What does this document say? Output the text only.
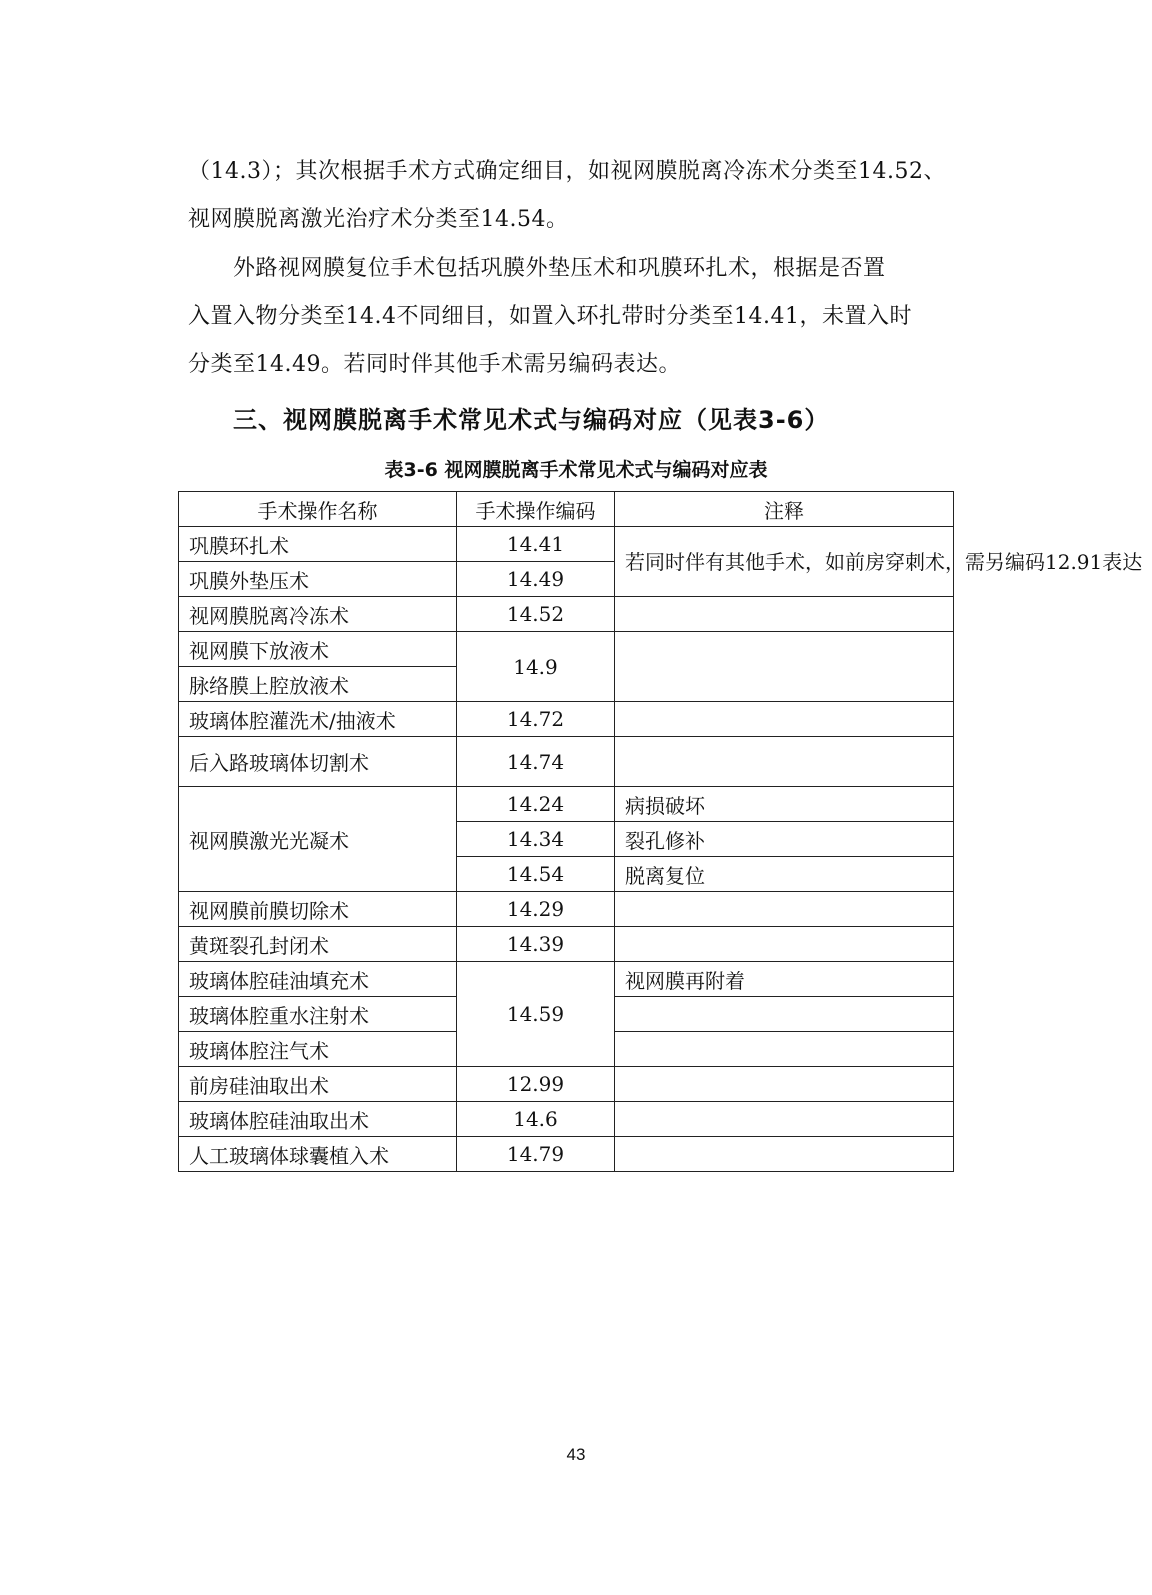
（14.3）；其次根据手术方式确定细目，如视网膜脱离冷冻术分类至14.52、
视网膜脱离激光治疗术分类至14.54。

外路视网膜复位手术包括巩膜外垫压术和巩膜环扎术，根据是否置
入置入物分类至14.4不同细目，如置入环扎带时分类至14.41，未置入时
分类至14.49。若同时伴其他手术需另编码表达。

三、视网膜脱离手术常见术式与编码对应（见表3-6）

表3-6 视网膜脱离手术常见术式与编码对应表

手术操作名称	手术操作编码	注释
巩膜环扎术	14.41	若同时伴有其他手术，如前房穿刺术，需另编码12.91表达
巩膜外垫压术	14.49	
视网膜脱离冷冻术	14.52	
视网膜下放液术	14.9	
脉络膜上腔放液术		
玻璃体腔灌洗术/抽液术	14.72	
后入路玻璃体切割术	14.74	
视网膜激光光凝术	14.24	病损破坏
	14.34	裂孔修补
	14.54	脱离复位
视网膜前膜切除术	14.29	
黄斑裂孔封闭术	14.39	
玻璃体腔硅油填充术	14.59	视网膜再附着
玻璃体腔重水注射术		
玻璃体腔注气术		
前房硅油取出术	12.99	
玻璃体腔硅油取出术	14.6	
人工玻璃体球囊植入术	14.79	
43
